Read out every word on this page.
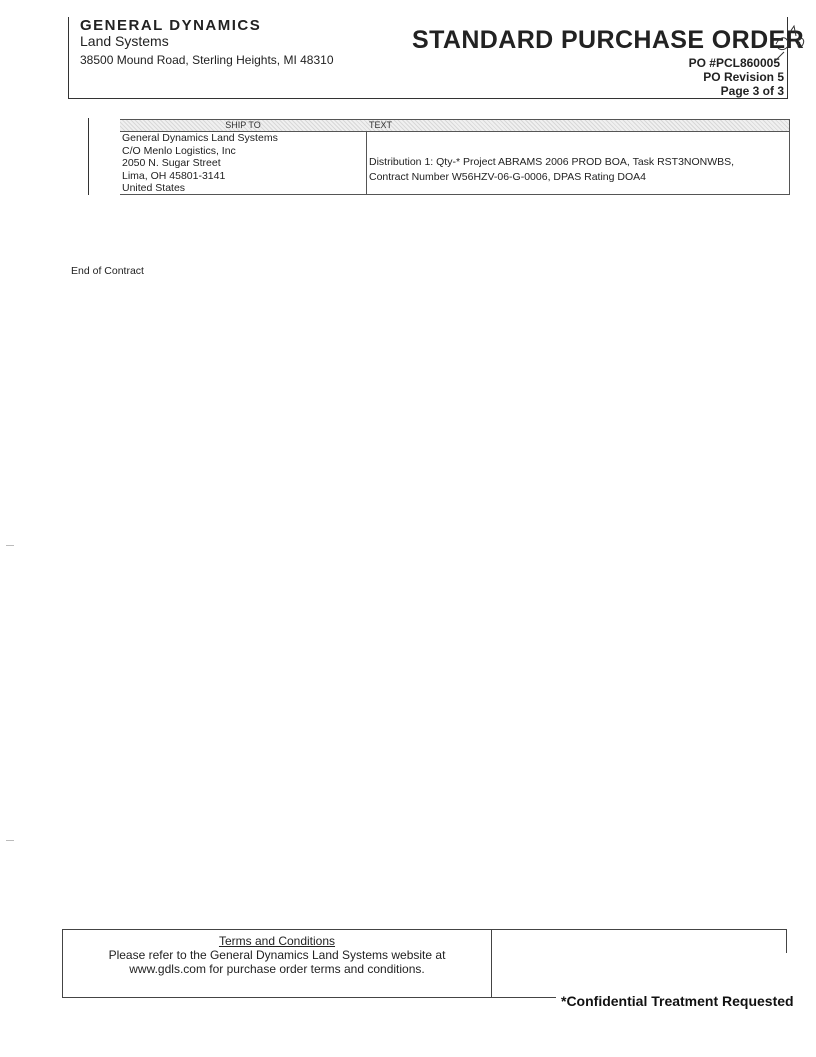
GENERAL DYNAMICS
Land Systems
38500 Mound Road, Sterling Heights, MI 48310
STANDARD PURCHASE ORDER
PO #PCL860005
PO Revision 5
Page 3 of 3
SHIP TO
General Dynamics Land Systems
C/O Menlo Logistics, Inc
2050 N. Sugar Street
Lima, OH 45801-3141
United States
TEXT
Distribution 1: Qty-* Project ABRAMS 2006 PROD BOA, Task RST3NONWBS,
Contract Number W56HZV-06-G-0006, DPAS Rating DOA4
End of Contract
Terms and Conditions
Please refer to the General Dynamics Land Systems website at
www.gdls.com for purchase order terms and conditions.
*Confidential Treatment Requested
